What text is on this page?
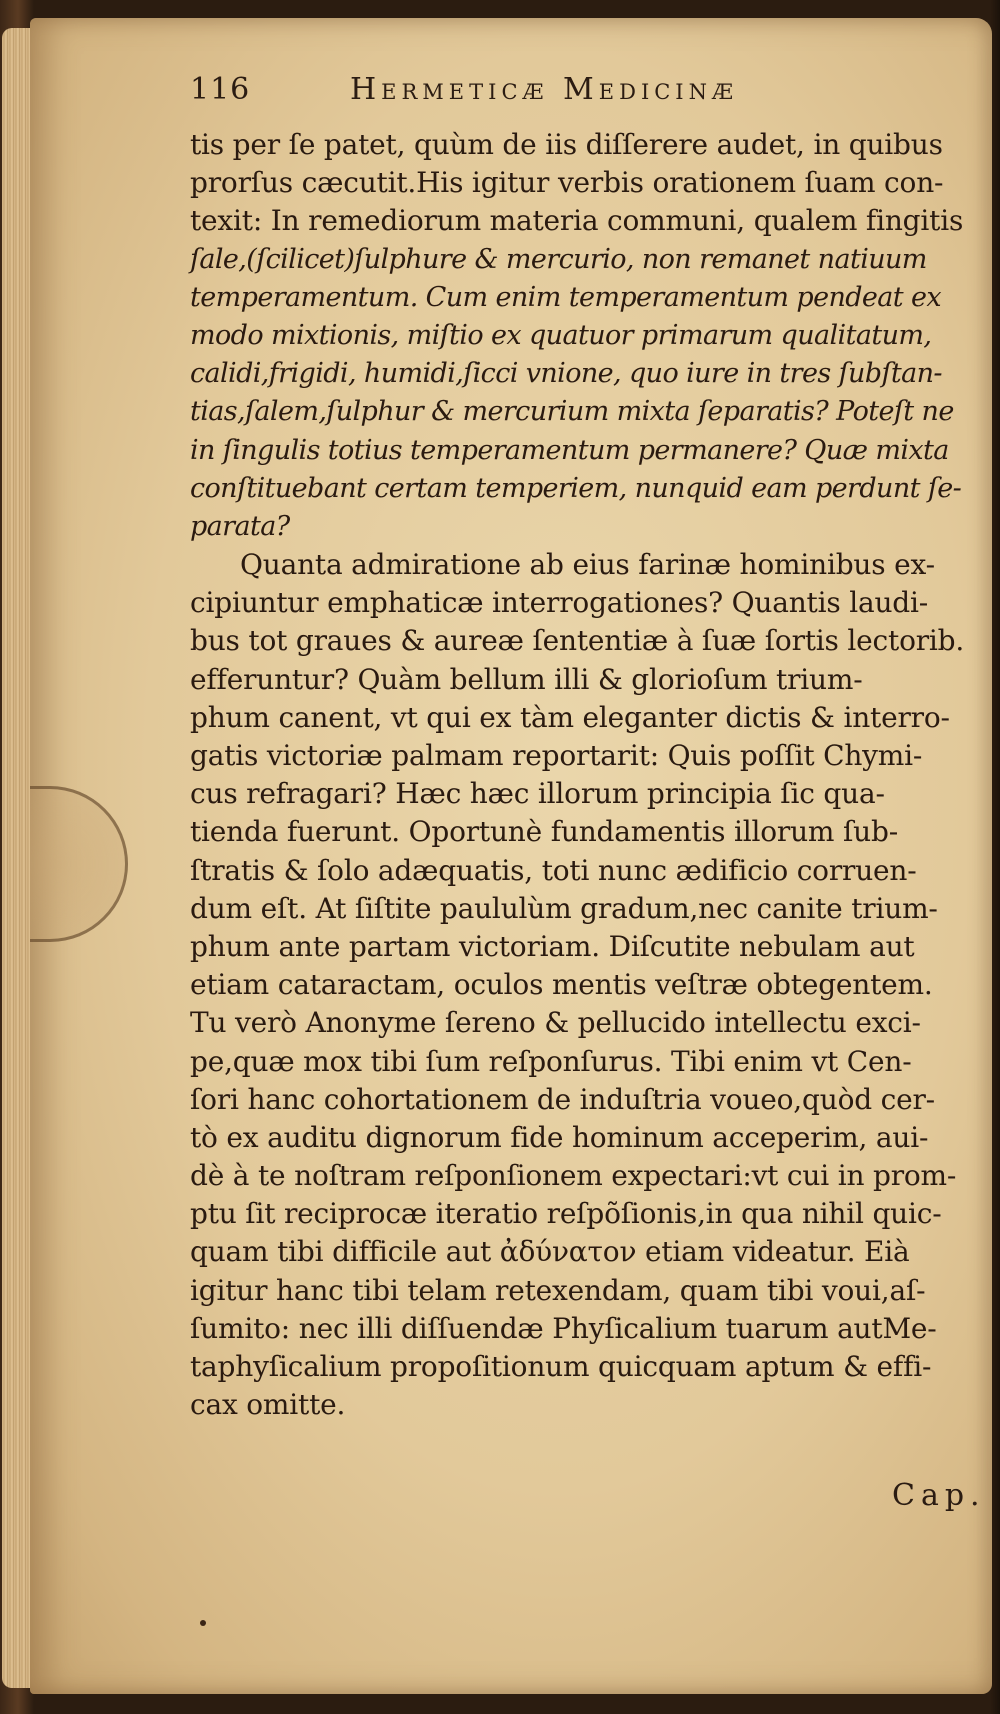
116	Hermeticæ Medicinæ
tis per ſe patet, quùm de iis diſſerere audet, in quibus
prorſus cæcutit.His igitur verbis orationem ſuam con-
texit: In remediorum materia communi, qualem fingitis
ſale,(ſcilicet)ſulphure & mercurio, non remanet natiuum
temperamentum. Cum enim temperamentum pendeat ex
modo mixtionis, miſtio ex quatuor primarum qualitatum,
calidi,frigidi, humidi,ſicci vnione, quo iure in tres ſubſtan-
tias,ſalem,ſulphur & mercurium mixta ſeparatis? Poteſt ne
in ſingulis totius temperamentum permanere? Quæ mixta
conſtituebant certam temperiem, nunquid eam perdunt ſe-
parata?
Quanta admiratione ab eius farinæ hominibus ex-
cipiuntur emphaticæ interrogationes? Quantis laudi-
bus tot graues & aureæ ſententiæ à ſuæ ſortis lectorib.
efferuntur? Quàm bellum illi & glorioſum trium-
phum canent, vt qui ex tàm eleganter dictis & interro-
gatis victoriæ palmam reportarit: Quis poſſit Chymi-
cus refragari? Hæc hæc illorum principia ſic qua-
tienda fuerunt. Oportunè fundamentis illorum ſub-
ſtratis & ſolo adæquatis, toti nunc ædificio corruen-
dum eſt. At ſiſtite paululùm gradum,nec canite trium-
phum ante partam victoriam. Diſcutite nebulam aut
etiam cataractam, oculos mentis veſtræ obtegentem.
Tu verò Anonyme ſereno & pellucido intellectu exci-
pe,quæ mox tibi ſum reſponſurus. Tibi enim vt Cen-
ſori hanc cohortationem de induſtria voueo,quòd cer-
tò ex auditu dignorum fide hominum acceperim, aui-
dè à te noſtram reſponſionem expectari:vt cui in prom-
ptu ſit reciprocæ iteratio reſpõſionis,in qua nihil quic-
quam tibi difficile aut ἀδύνατον etiam videatur. Eià
igitur hanc tibi telam retexendam, quam tibi voui,aſ-
ſumito: nec illi diſſuendæ Phyſicalium tuarum autMe-
taphyſicalium propoſitionum quicquam aptum & effi-
cax omitte.
Cap.
